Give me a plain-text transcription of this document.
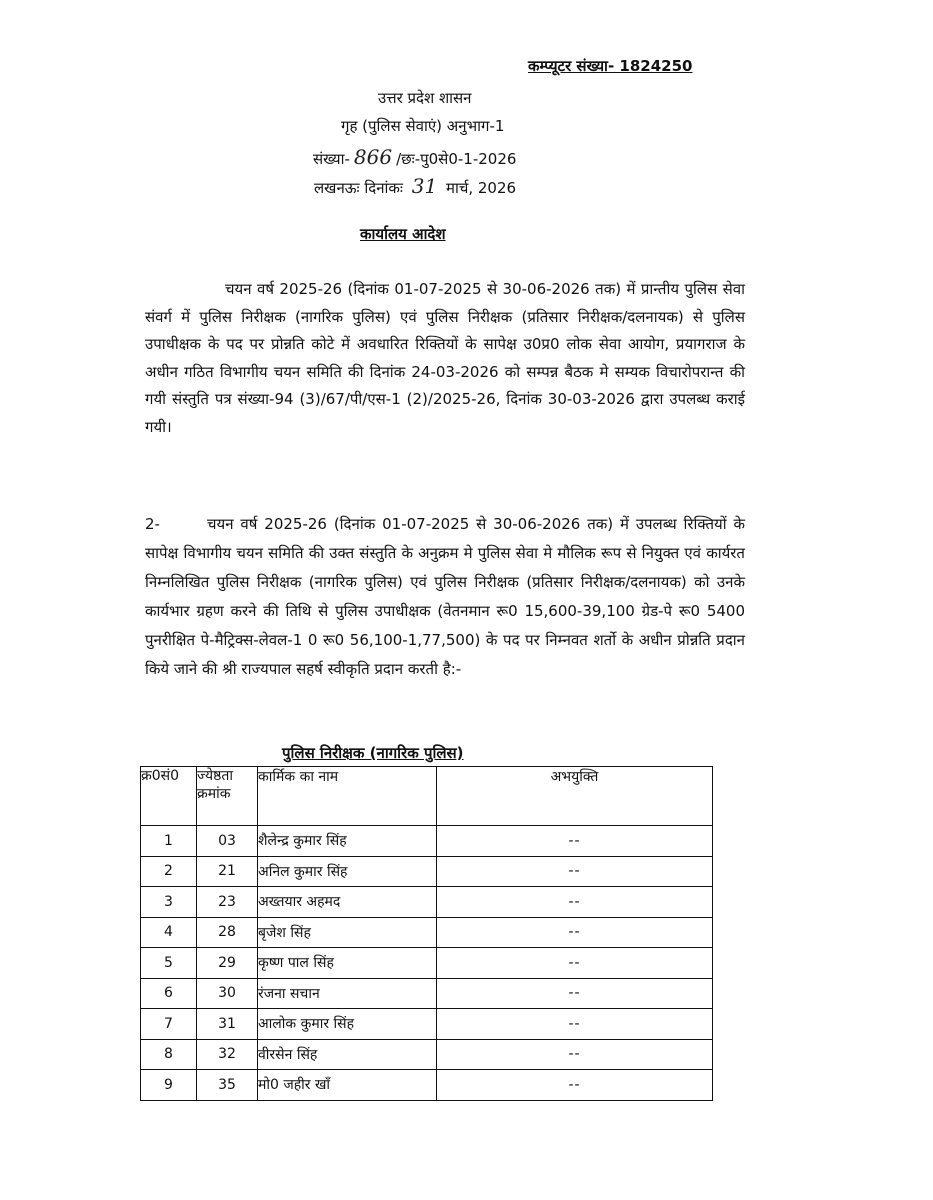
कम्प्यूटर संख्या- 1824250
उत्तर प्रदेश शासन
गृह (पुलिस सेवाएं) अनुभाग-1
संख्या- 866 /छः-पु0से0-1-2026
लखनऊः दिनांकः 31 मार्च, 2026
कार्यालय आदेश

चयन वर्ष 2025-26 (दिनांक 01-07-2025 से 30-06-2026 तक) में प्रान्तीय पुलिस सेवा संवर्ग में पुलिस निरीक्षक (नागरिक पुलिस) एवं पुलिस निरीक्षक (प्रतिसार निरीक्षक/दलनायक) से पुलिस उपाधीक्षक के पद पर प्रोन्नति कोटे में अवधारित रिक्तियों के सापेक्ष उ0प्र0 लोक सेवा आयोग, प्रयागराज के अधीन गठित विभागीय चयन समिति की दिनांक 24-03-2026 को सम्पन्न बैठक मे सम्यक विचारोपरान्त की गयी संस्तुति पत्र संख्या-94 (3)/67/पी/एस-1 (2)/2025-26, दिनांक 30-03-2026 द्वारा उपलब्ध कराई गयी।

2-	चयन वर्ष 2025-26 (दिनांक 01-07-2025 से 30-06-2026 तक) में उपलब्ध रिक्तियों के सापेक्ष विभागीय चयन समिति की उक्त संस्तुति के अनुक्रम मे पुलिस सेवा मे मौलिक रूप से नियुक्त एवं कार्यरत निम्नलिखित पुलिस निरीक्षक (नागरिक पुलिस) एवं पुलिस निरीक्षक (प्रतिसार निरीक्षक/दलनायक) को उनके कार्यभार ग्रहण करने की तिथि से पुलिस उपाधीक्षक (वेतनमान रू0 15,600-39,100 ग्रेड-पे रू0 5400 पुनरीक्षित पे-मैट्रिक्स-लेवल-1 0 रू0 56,100-1,77,500) के पद पर निम्नवत शर्तो के अधीन प्रोन्नति प्रदान किये जाने की श्री राज्यपाल सहर्ष स्वीकृति प्रदान करती है:-

पुलिस निरीक्षक (नागरिक पुलिस)
क्र0सं0	ज्येष्ठता क्रमांक	कार्मिक का नाम	अभयुक्ति
1	03	शैलेन्द्र कुमार सिंह	--
2	21	अनिल कुमार सिंह	--
3	23	अख्तयार अहमद	--
4	28	बृजेश सिंह	--
5	29	कृष्ण पाल सिंह	--
6	30	रंजना सचान	--
7	31	आलोक कुमार सिंह	--
8	32	वीरसेन सिंह	--
9	35	मो0 जहीर खाँ	--
